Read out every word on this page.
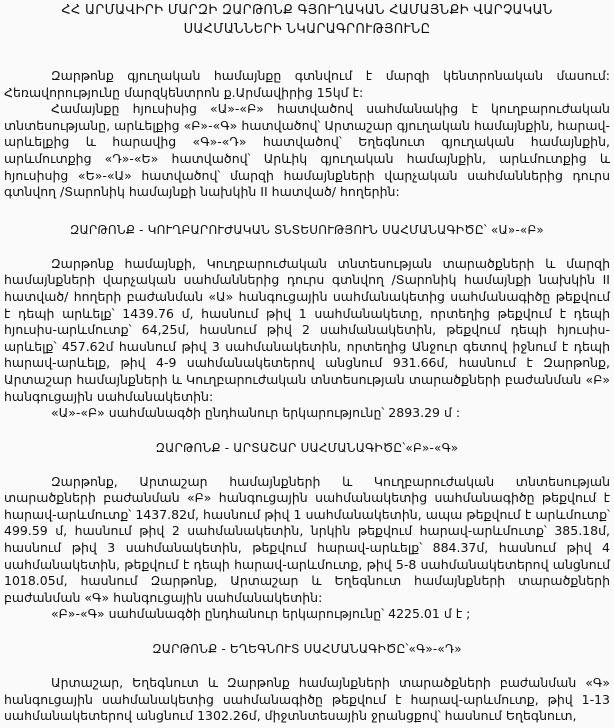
ՀՀ ԱՐՄԱՎԻՐԻ ՄԱՐԶԻ ԶԱՐԹՈՆՔ ԳՅՈՒՂԱԿԱՆ ՀԱՄԱՅՆՔԻ ՎԱՐՉԱԿԱՆ
ՍԱՀՄԱՆՆԵՐԻ ՆԿԱՐԱԳՐՈՒԹՅՈՒՆԸ

Զարթոնք գյուղական համայնքը գտնվում է մարզի կենտրոնական մասում: Հեռավորությունը մարզկենտրոն ք.Արմավիրից 15կմ է:

Համայնքը հյուսիսից «Ա»-«Բ» հատվածով սահմանակից է կուղբարուժական տնտեսությանը, արևելքից «Բ»-«Գ» հատվածով՝ Արտաշար գյուղական համայնքին, հարավ-արևելքից և հարավից «Գ»-«Դ» հատվածով՝ Եղեգնուտ գյուղական համայնքին, արևմուտքից «Դ»-«Ե» հատվածով՝ Արևիկ գյուղական համայնքին, արևմուտքից և հյուսիսից «Ե»-«Ա» հատվածով՝ մարզի համայնքների վարչական սահմաններից դուրս գտնվող /Տարոնիկ համայնքի նախկին II հատված/ հողերին:

ԶԱՐԹՈՆՔ - ԿՈՒՂԲԱՐՈՒԺԱԿԱՆ ՏՆՏԵՍՈՒԹՅՈՒՆ ՍԱՀՄԱՆԱԳԻԾԸ՝ «Ա»-«Բ»

Զարթոնք համայնքի, Կուղբարուժական տնտեսության տարածքների և մարզի համայնքների վարչական սահմաններից դուրս գտնվող /Տարոնիկ համայնքի նախկին II հատված/ հողերի բաժանման «Ա» հանգուցային սահմանակետից սահմանագիծը թեքվում է դեպի արևելք՝ 1439.76 մ, հասնում թիվ 1 սահմանակետը, որտեղից թեքվում է դեպի հյուսիս-արևմուտք՝ 64,25մ, հասնում թիվ 2 սահմանակետին, թեքվում դեպի հյուսիս-արևելք՝ 457.62մ հասնում թիվ 3 սահմանակետին, որտեղից Անջուր գետով իջնում է դեպի հարավ-արևելք, թիվ 4-9 սահմանակետերով անցնում 931.66մ, հասնում է Զարթոնք, Արտաշար համայնքների և Կուղբարուժական տնտեսության տարածքների բաժանման «Բ» հանգուցային սահմանակետին:

«Ա»-«Բ» սահմանագծի ընդհանուր երկարությունը՝ 2893.29 մ :

ԶԱՐԹՈՆՔ - ԱՐՏԱՇԱՐ ՍԱՀՄԱՆԱԳԻԾԸ՝«Բ»-«Գ»

Զարթոնք, Արտաշար համայնքների և Կուղբարուժական տնտեսության տարածքների բաժանման «Բ» հանգուցային սահմանակետից սահմանագիծը թեքվում է հարավ-արևմուտք՝ 1437.82մ, հասնում թիվ 1 սահմանակետին, ապա թեքվում է արևմուտք՝ 499.59 մ, հասնում թիվ 2 սահմանակետին, նրկին թեքվում հարավ-արևմուտք՝ 385.18մ, հասնում թիվ 3 սահմանակետին, թեքվում հարավ-արևելք՝ 884.37մ, հասնում թիվ 4 սահմանակետին, թեքվում է դեպի հարավ-արևմուտք, թիվ 5-8 սահմանակետերով անցնում 1018.05մ, հասնում Զարթոնք, Արտաշար և Եղեգնուտ համայնքների տարածքների բաժանման «Գ» հանգուցային սահմանակետին:

«Բ»-«Գ» սահմանագծի ընդհանուր երկարությունը՝ 4225.01 մ է ;

ԶԱՐԹՈՆՔ - ԵՂԵԳՆՈՒՏ ՍԱՀՄԱՆԱԳԻԾԸ՝«Գ»-«Դ»

Արտաշար, Եղեգնուտ և Զարթոնք համայնքների տարածքների բաժանման «Գ» հանգուցային սահմանակետից սահմանագիծը թեքվում է հարավ-արևմուտք, թիվ 1-13 սահմանակետերով անցնում 1302.26մ, միջտնտեսային ջրանցքով՝ հասնում Եղեգնուտ,
